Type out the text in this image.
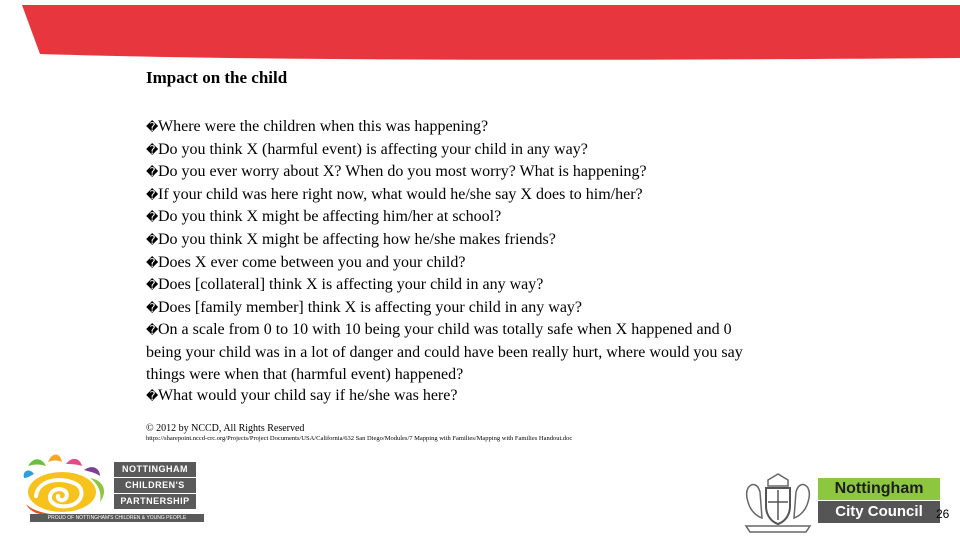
Impact on the child
�Where were the children when this was happening?
�Do you think X (harmful event) is affecting your child in any way?
�Do you ever worry about X? When do you most worry? What is happening?
�If your child was here right now, what would he/she say X does to him/her?
�Do you think X might be affecting him/her at school?
�Do you think X might be affecting how he/she makes friends?
�Does X ever come between you and your child?
�Does [collateral] think X is affecting your child in any way?
�Does [family member] think X is affecting your child in any way?
�On a scale from 0 to 10 with 10 being your child was totally safe when X happened and 0 being your child was in a lot of danger and could have been really hurt, where would you say things were when that (harmful event) happened?
�What would your child say if he/she was here?
© 2012 by NCCD, All Rights Reserved
https://sharepoint.nccd-crc.org/Projects/Project Documents/USA/California/632 San Diego/Modules/7 Mapping with Families/Mapping with Families Handout.doc
NOTTINGHAM
CHILDREN'S
PARTNERSHIP
PROUD OF NOTTINGHAM'S CHILDREN & YOUNG PEOPLE
Nottingham
City Council	26
